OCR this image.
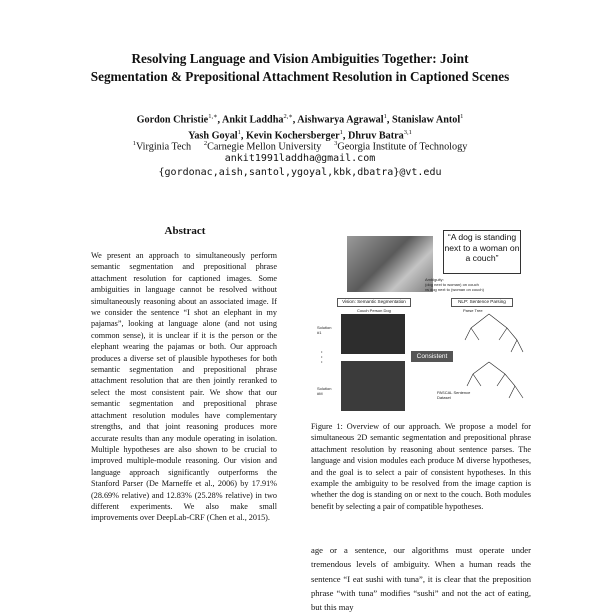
Resolving Language and Vision Ambiguities Together: Joint
Segmentation & Prepositional Attachment Resolution in Captioned Scenes
Gordon Christie$^{1,∗}$, Ankit Laddha$^{2,∗}$, Aishwarya Agrawal$^1$, Stanislaw Antol$^1$
Yash Goyal$^1$, Kevin Kochersberger$^1$, Dhruv Batra$^{3,1}$
$^1$Virginia Tech $^2$Carnegie Mellon University $^3$Georgia Institute of Technology
ankit1991laddha@gmail.com
{gordonac,aish,santol,ygoyal,kbk,dbatra}@vt.edu
Abstract
We present an approach to simultaneously perform semantic segmentation and prepositional phrase attachment resolution for captioned images. Some ambiguities in language cannot be resolved without simultaneously reasoning about an associated image. If we consider the sentence “I shot an elephant in my pajamas”, looking at language alone (and not using common sense), it is unclear if it is the person or the elephant wearing the pajamas or both. Our approach produces a diverse set of plausible hypotheses for both semantic segmentation and prepositional phrase attachment resolution that are then jointly reranked to select the most consistent pair. We show that our semantic segmentation and prepositional phrase attachment resolution modules have complementary strengths, and that joint reasoning produces more accurate results than any module operating in isolation. Multiple hypotheses are also shown to be crucial to improved multiple-module reasoning. Our vision and language approach significantly outperforms the Stanford Parser (De Marneffe et al., 2006) by 17.91% (28.69% relative) and 12.83% (25.28% relative) in two different experiments. We also make small improvements over DeepLab-CRF (Chen et al., 2015).
“A dog is standing next to a woman on a couch”
Ambiguity:
(dog next to woman) on couch
vs dog next to (woman on couch)
Vision: Semantic Segmentation	NLP: Sentence Parsing
Couch Person Dog	Parse Tree
Solution #1
Solution #M
•
•
•
Consistent
PASCAL Sentence Dataset
Figure 1: Overview of our approach. We propose a model for simultaneous 2D semantic segmentation and prepositional phrase attachment resolution by reasoning about sentence parses. The language and vision modules each produce M diverse hypotheses, and the goal is to select a pair of consistent hypotheses. In this example the ambiguity to be resolved from the image caption is whether the dog is standing on or next to the couch. Both modules benefit by selecting a pair of compatible hypotheses.
age or a sentence, our algorithms must operate under tremendous levels of ambiguity. When a human reads the sentence “I eat sushi with tuna”, it is clear that the preposition phrase “with tuna” modifies “sushi” and not the act of eating, but this may
